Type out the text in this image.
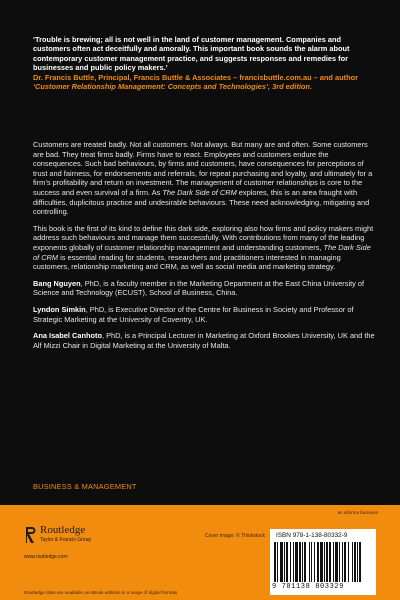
‘Trouble is brewing; all is not well in the land of customer management. Companies and customers often act deceitfully and amorally. This important book sounds the alarm about contemporary customer management practice, and suggests responses and remedies for businesses and public policy makers.’
Dr. Francis Buttle, Principal, Francis Buttle & Associates – francisbuttle.com.au – and author ‘Customer Relationship Management: Concepts and Technologies’, 3rd edition.

Customers are treated badly. Not all customers. Not always. But many are and often. Some customers are bad. They treat firms badly. Firms have to react. Employees and customers endure the consequences. Such bad behaviours, by firms and customers, have consequences for perceptions of trust and fairness, for endorsements and referrals, for repeat purchasing and loyalty, and ultimately for a firm’s profitability and return on investment. The management of customer relationships is core to the success and even survival of a firm. As The Dark Side of CRM explores, this is an area fraught with difficulties, duplicitous practice and undesirable behaviours. These need acknowledging, mitigating and controlling.

This book is the first of its kind to define this dark side, exploring also how firms and policy makers might address such behaviours and manage them successfully. With contributions from many of the leading exponents globally of customer relationship management and understanding customers, The Dark Side of CRM is essential reading for students, researchers and practitioners interested in managing customers, relationship marketing and CRM, as well as social media and marketing strategy.

Bang Nguyen, PhD, is a faculty member in the Marketing Department at the East China University of Science and Technology (ECUST), School of Business, China.

Lyndon Simkin, PhD, is Executive Director of the Centre for Business in Society and Professor of Strategic Marketing at the University of Coventry, UK.

Ana Isabel Canhoto, PhD, is a Principal Lecturer in Marketing at Oxford Brookes University, UK and the Alf Mizzi Chair in Digital Marketing at the University of Malta.

BUSINESS & MANAGEMENT
an informa business
Routledge
Taylor & Francis Group
www.routledge.com
Cover image: © Thinkstock
Routledge titles are available as eBook editions in a range of digital formats
ISBN 978-1-138-80332-9
9 781138 803329
